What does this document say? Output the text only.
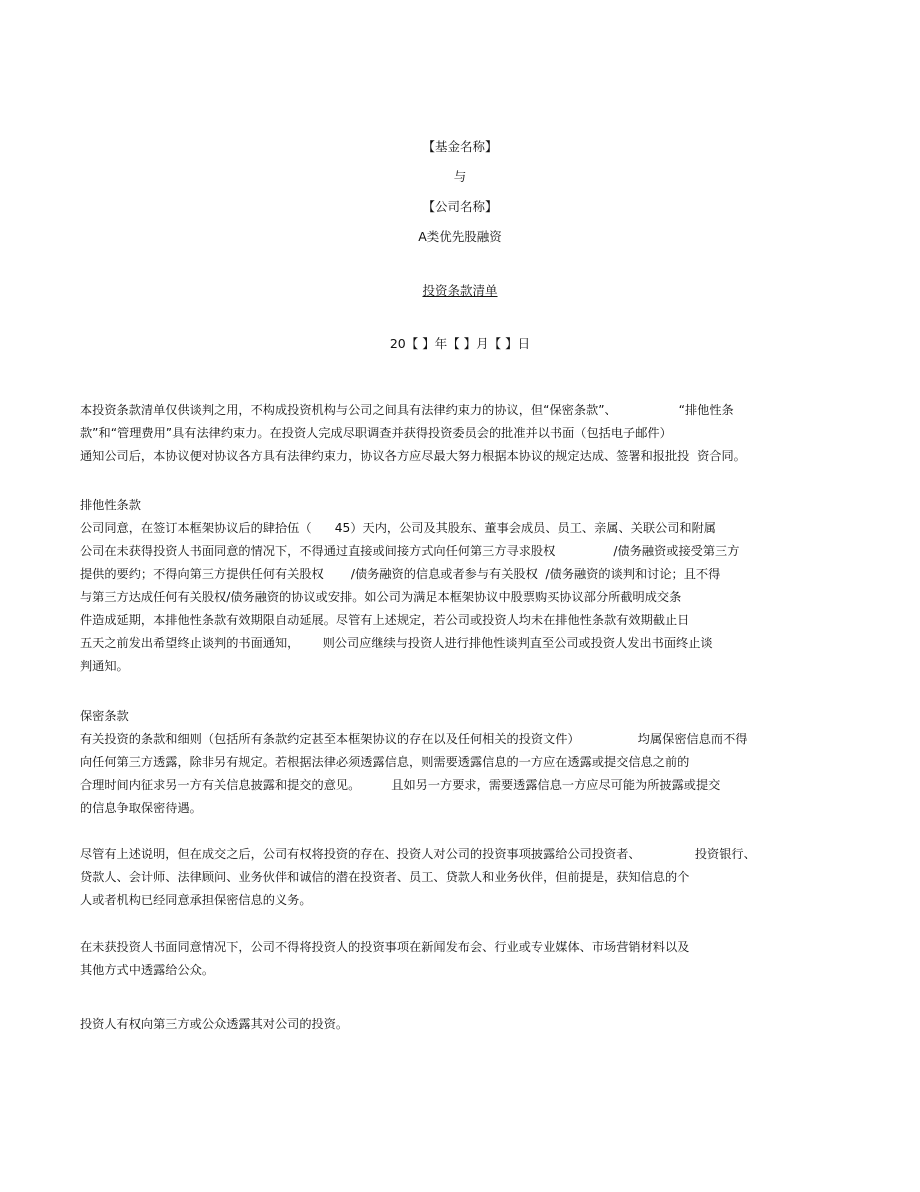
【基金名称】
与
【公司名称】
A类优先股融资
投资条款清单
20【 】年【 】月【 】日
本投资条款清单仅供谈判之用，不构成投资机构与公司之间具有法律约束力的协议，但“保密条款”、                “排他性条
款”和“管理费用”具有法律约束力。在投资人完成尽职调查并获得投资委员会的批准并以书面（包括电子邮件）
通知公司后，本协议便对协议各方具有法律约束力，协议各方应尽最大努力根据本协议的规定达成、签署和报批投  资合同。
排他性条款
公司同意，在签订本框架协议后的肆拾伍（      45）天内，公司及其股东、董事会成员、员工、亲属、关联公司和附属
公司在未获得投资人书面同意的情况下，不得通过直接或间接方式向任何第三方寻求股权               /债务融资或接受第三方
提供的要约；不得向第三方提供任何有关股权       /债务融资的信息或者参与有关股权  /债务融资的谈判和讨论；且不得
与第三方达成任何有关股权/债务融资的协议或安排。如公司为满足本框架协议中股票购买协议部分所截明成交条
件造成延期，本排他性条款有效期限自动延展。尽管有上述规定，若公司或投资人均未在排他性条款有效期截止日
五天之前发出希望终止谈判的书面通知，      则公司应继续与投资人进行排他性谈判直至公司或投资人发出书面终止谈
判通知。
保密条款
有关投资的条款和细则（包括所有条款约定甚至本框架协议的存在以及任何相关的投资文件）               均属保密信息而不得
向任何第三方透露，除非另有规定。若根据法律必须透露信息，则需要透露信息的一方应在透露或提交信息之前的
合理时间内征求另一方有关信息披露和提交的意见。        且如另一方要求，需要透露信息一方应尽可能为所披露或提交
的信息争取保密待遇。
尽管有上述说明，但在成交之后，公司有权将投资的存在、投资人对公司的投资事项披露给公司投资者、              投资银行、
贷款人、会计师、法律顾问、业务伙伴和诚信的潜在投资者、员工、贷款人和业务伙伴，但前提是，获知信息的个
人或者机构已经同意承担保密信息的义务。
在未获投资人书面同意情况下，公司不得将投资人的投资事项在新闻发布会、行业或专业媒体、市场营销材料以及
其他方式中透露给公众。
投资人有权向第三方或公众透露其对公司的投资。
